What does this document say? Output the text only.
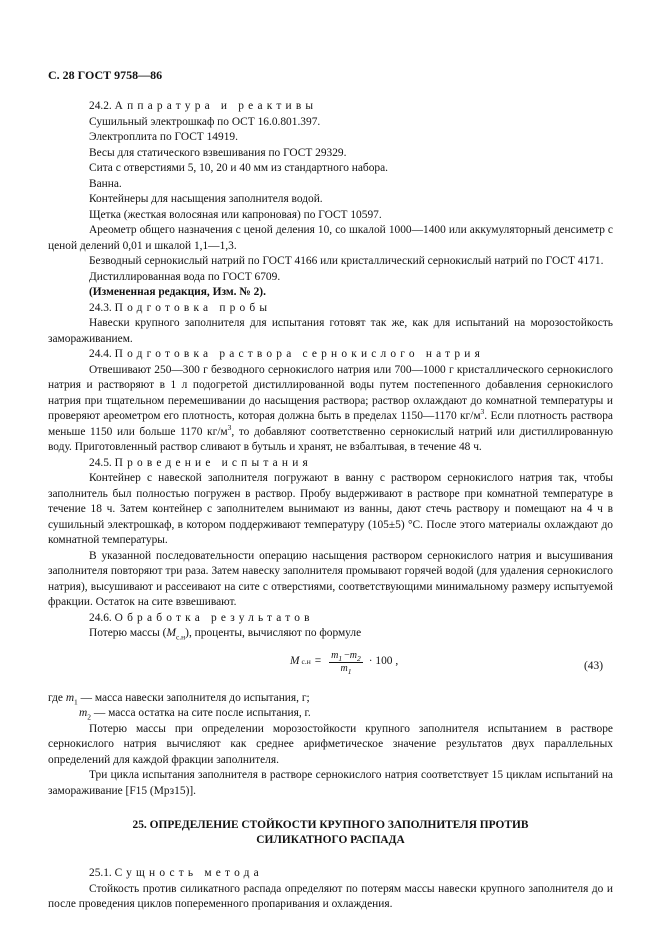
С. 28 ГОСТ 9758—86

24.2. Аппаратура и реактивы

Сушильный электрошкаф по ОСТ 16.0.801.397.

Электроплита по ГОСТ 14919.

Весы для статического взвешивания по ГОСТ 29329.

Сита с отверстиями 5, 10, 20 и 40 мм из стандартного набора.

Ванна.

Контейнеры для насыщения заполнителя водой.

Щетка (жесткая волосяная или капроновая) по ГОСТ 10597.

Ареометр общего назначения с ценой деления 10, со шкалой 1000—1400 или аккумуляторный денсиметр с ценой делений 0,01 и шкалой 1,1—1,3.

Безводный сернокислый натрий по ГОСТ 4166 или кристаллический сернокислый натрий по ГОСТ 4171.

Дистиллированная вода по ГОСТ 6709.

(Измененная редакция, Изм. № 2).

24.3. Подготовка пробы

Навески крупного заполнителя для испытания готовят так же, как для испытаний на морозостойкость замораживанием.

24.4. Подготовка раствора сернокислого натрия

Отвешивают 250—300 г безводного сернокислого натрия или 700—1000 г кристаллического сернокислого натрия и растворяют в 1 л подогретой дистиллированной воды путем постепенного добавления сернокислого натрия при тщательном перемешивании до насыщения раствора; раствор охлаждают до комнатной температуры и проверяют ареометром его плотность, которая должна быть в пределах 1150—1170 $кг/м^3$. Если плотность раствора меньше 1150 или больше 1170 $кг/м^3$, то добавляют соответственно сернокислый натрий или дистиллированную воду. Приготовленный раствор сливают в бутыль и хранят, не взбалтывая, в течение 48 ч.

24.5. Проведение испытания

Контейнер с навеской заполнителя погружают в ванну с раствором сернокислого натрия так, чтобы заполнитель был полностью погружен в раствор. Пробу выдерживают в растворе при комнатной температуре в течение 18 ч. Затем контейнер с заполнителем вынимают из ванны, дают стечь раствору и помещают на 4 ч в сушильный электрошкаф, в котором поддерживают температуру (105±5) °С. После этого материалы охлаждают до комнатной температуры.

В указанной последовательности операцию насыщения раствором сернокислого натрия и высушивания заполнителя повторяют три раза. Затем навеску заполнителя промывают горячей водой (для удаления сернокислого натрия), высушивают и рассеивают на сите с отверстиями, соответствующими минимальному размеру испытуемой фракции. Остаток на сите взвешивают.

24.6. Обработка результатов

Потерю массы $(M_{с.н})$, проценты, вычисляют по формуле

M $с.н = \frac{m_1 -m_2}{m_1} \cdot 100$ ,	(43)

где $m_1$ — масса навески заполнителя до испытания, г;

$m_2$ — масса остатка на сите после испытания, г.

Потерю массы при определении морозостойкости крупного заполнителя испытанием в растворе сернокислого натрия вычисляют как среднее арифметическое значение результатов двух параллельных определений для каждой фракции заполнителя.

Три цикла испытания заполнителя в растворе сернокислого натрия соответствует 15 циклам испытаний на замораживание [F15 (Mрз15)].

25. ОПРЕДЕЛЕНИЕ СТОЙКОСТИ КРУПНОГО ЗАПОЛНИТЕЛЯ ПРОТИВ
СИЛИКАТНОГО РАСПАДА

25.1. Сущность метода

Стойкость против силикатного распада определяют по потерям массы навески крупного заполнителя до и после проведения циклов попеременного пропаривания и охлаждения.
